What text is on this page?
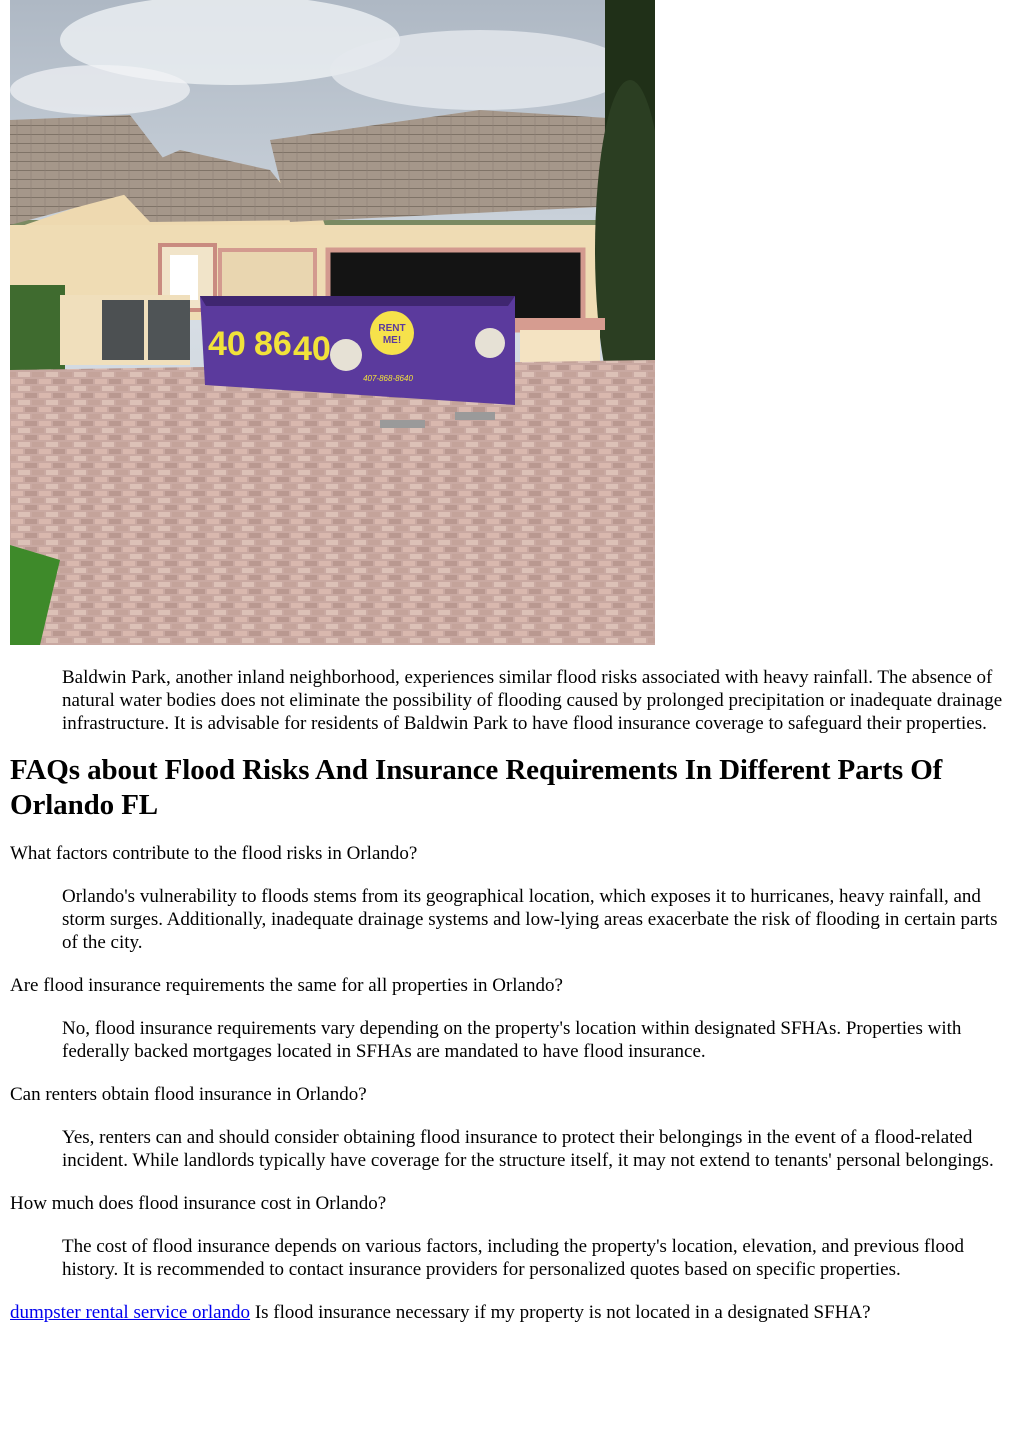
40 86 40
RENT
ME!
407-868-8640

Baldwin Park, another inland neighborhood, experiences similar flood risks associated with heavy rainfall. The absence of natural water bodies does not eliminate the possibility of flooding caused by prolonged precipitation or inadequate drainage infrastructure. It is advisable for residents of Baldwin Park to have flood insurance coverage to safeguard their properties.

FAQs about Flood Risks And Insurance Requirements In Different Parts Of Orlando FL

What factors contribute to the flood risks in Orlando?

Orlando's vulnerability to floods stems from its geographical location, which exposes it to hurricanes, heavy rainfall, and storm surges. Additionally, inadequate drainage systems and low-lying areas exacerbate the risk of flooding in certain parts of the city.

Are flood insurance requirements the same for all properties in Orlando?

No, flood insurance requirements vary depending on the property's location within designated SFHAs. Properties with federally backed mortgages located in SFHAs are mandated to have flood insurance.

Can renters obtain flood insurance in Orlando?

Yes, renters can and should consider obtaining flood insurance to protect their belongings in the event of a flood-related incident. While landlords typically have coverage for the structure itself, it may not extend to tenants' personal belongings.

How much does flood insurance cost in Orlando?

The cost of flood insurance depends on various factors, including the property's location, elevation, and previous flood history. It is recommended to contact insurance providers for personalized quotes based on specific properties.

dumpster rental service orlando Is flood insurance necessary if my property is not located in a designated SFHA?
